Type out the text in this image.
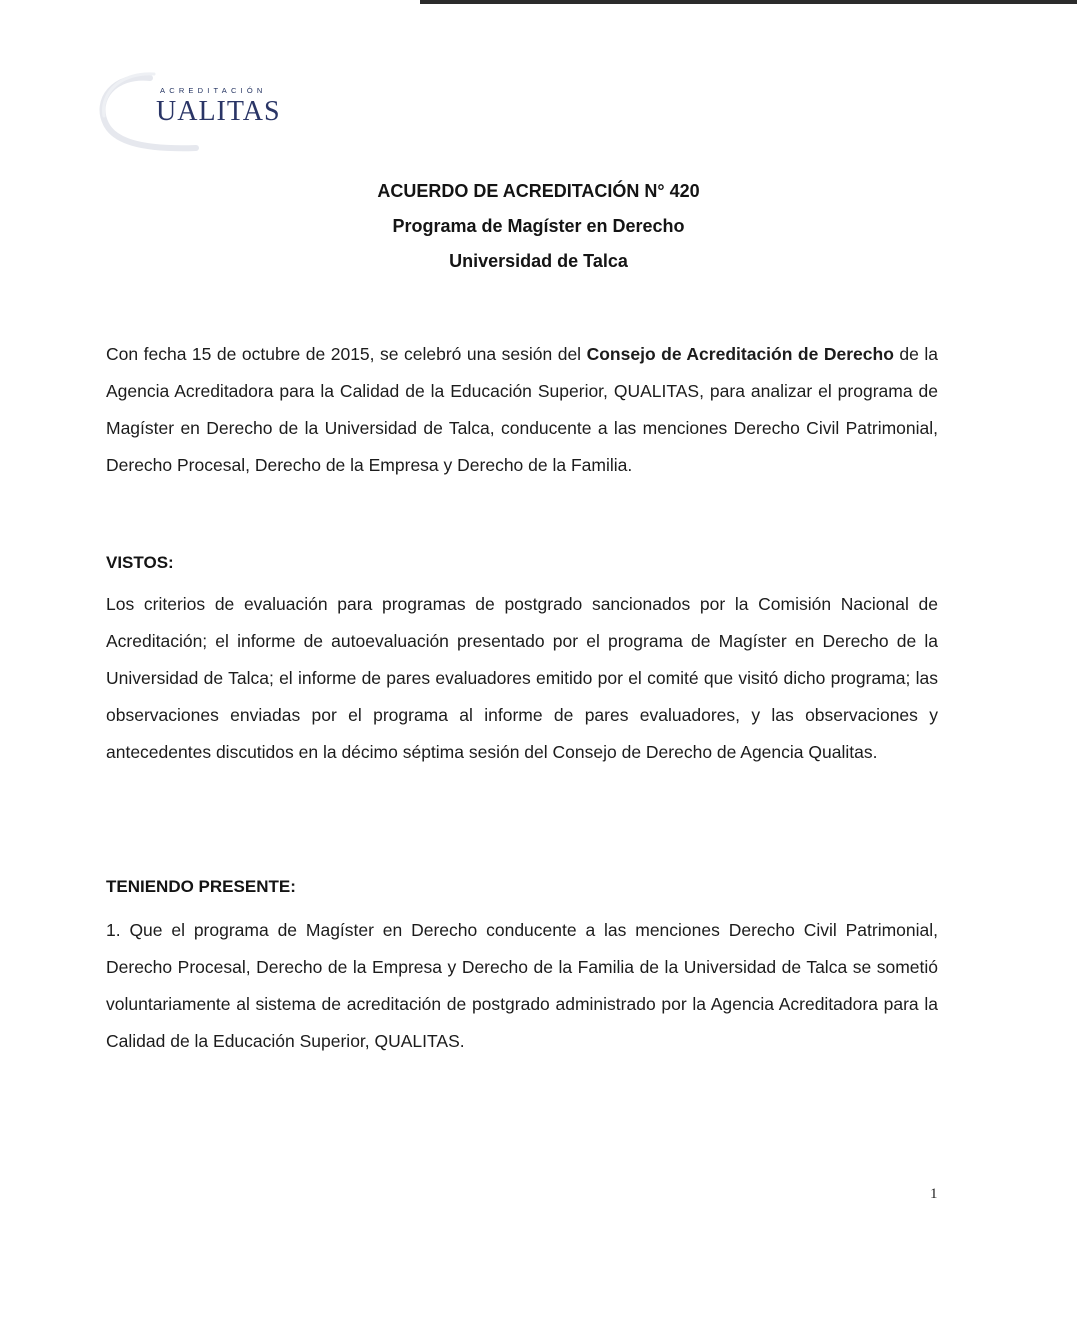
ACREDITACIÓN
UALITAS
ACUERDO DE ACREDITACIÓN N° 420
Programa de Magíster en Derecho
Universidad de Talca
Con fecha 15 de octubre de 2015, se celebró una sesión del Consejo de Acreditación de Derecho de la Agencia Acreditadora para la Calidad de la Educación Superior, QUALITAS, para analizar el programa de Magíster en Derecho de la Universidad de Talca, conducente a las menciones Derecho Civil Patrimonial, Derecho Procesal, Derecho de la Empresa y Derecho de la Familia.
VISTOS:
Los criterios de evaluación para programas de postgrado sancionados por la Comisión Nacional de Acreditación; el informe de autoevaluación presentado por el programa de Magíster en Derecho de la Universidad de Talca; el informe de pares evaluadores emitido por el comité que visitó dicho programa; las observaciones enviadas por el programa al informe de pares evaluadores, y las observaciones y antecedentes discutidos en la décimo séptima sesión del Consejo de Derecho de Agencia Qualitas.
TENIENDO PRESENTE:
1. Que el programa de Magíster en Derecho conducente a las menciones Derecho Civil Patrimonial, Derecho Procesal, Derecho de la Empresa y Derecho de la Familia de la Universidad de Talca se sometió voluntariamente al sistema de acreditación de postgrado administrado por la Agencia Acreditadora para la Calidad de la Educación Superior, QUALITAS.
1
